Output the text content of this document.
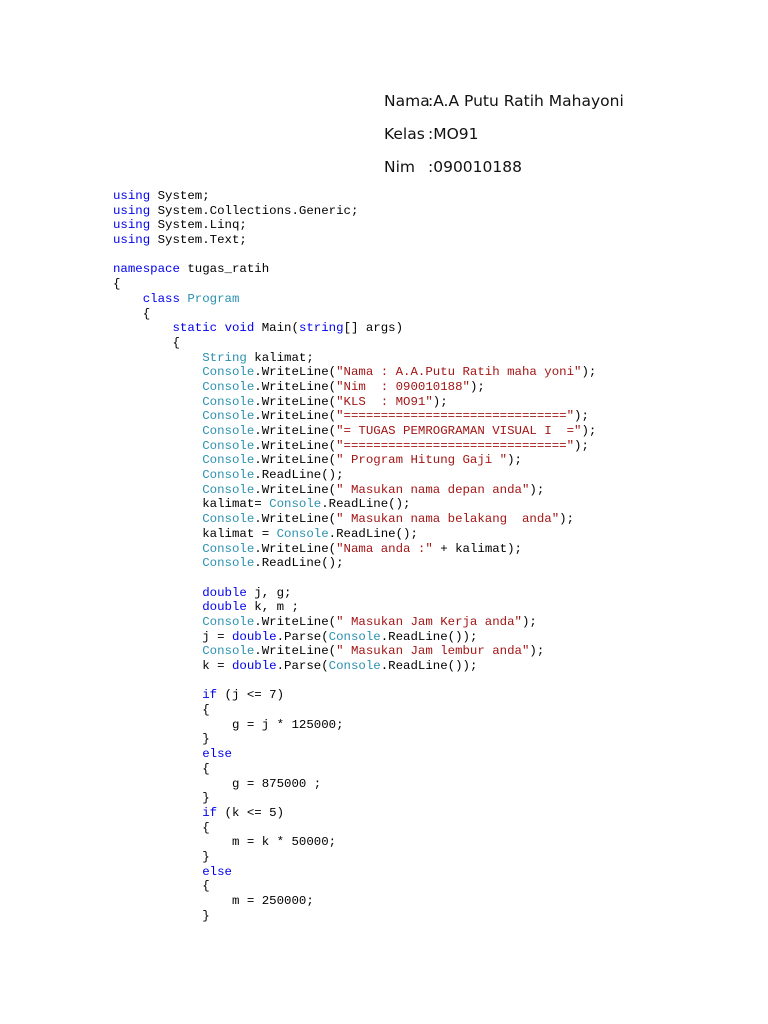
Nama:A.A Putu Ratih Mahayoni
Kelas :MO91
Nim :090010188
using System;
using System.Collections.Generic;
using System.Linq;
using System.Text;
namespace tugas_ratih
{
class Program
{
static void Main(string[] args)
{
String kalimat;
Console.WriteLine("Nama : A.A.Putu Ratih maha yoni");
Console.WriteLine("Nim  : 090010188");
Console.WriteLine("KLS  : MO91");
Console.WriteLine("==============================");
Console.WriteLine("= TUGAS PEMROGRAMAN VISUAL I  =");
Console.WriteLine("==============================");
Console.WriteLine(" Program Hitung Gaji ");
Console.ReadLine();
Console.WriteLine(" Masukan nama depan anda");
kalimat= Console.ReadLine();
Console.WriteLine(" Masukan nama belakang  anda");
kalimat = Console.ReadLine();
Console.WriteLine("Nama anda :" + kalimat);
Console.ReadLine();
double j, g;
double k, m ;
Console.WriteLine(" Masukan Jam Kerja anda");
j = double.Parse(Console.ReadLine());
Console.WriteLine(" Masukan Jam lembur anda");
k = double.Parse(Console.ReadLine());
if (j <= 7)
{
g = j * 125000;
}
else
{
g = 875000 ;
}
if (k <= 5)
{
m = k * 50000;
}
else
{
m = 250000;
}
